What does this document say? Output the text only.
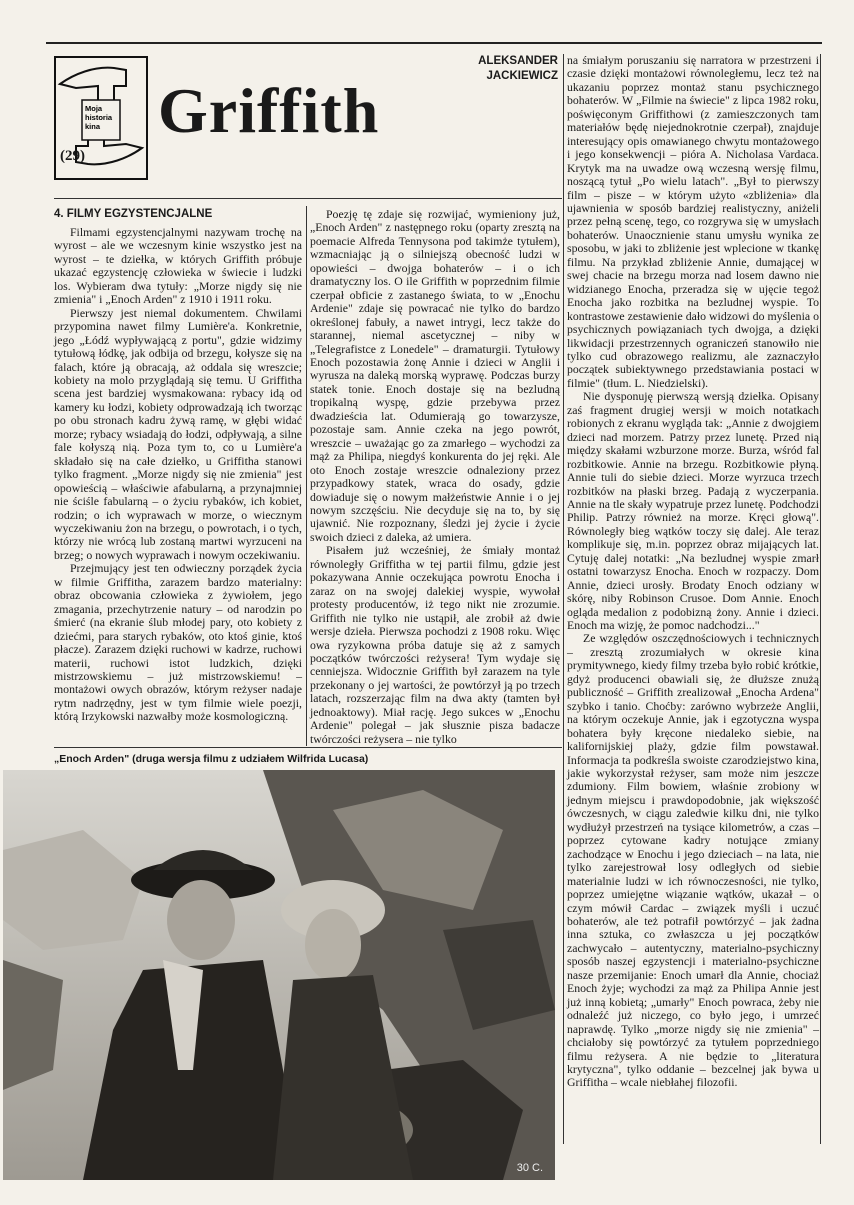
Moja
historia
kina
(29)
Griffith
ALEKSANDER
JACKIEWICZ
4. FILMY EGZYSTENCJALNE

Filmami egzystencjalnymi nazywam trochę na wyrost – ale we wczesnym kinie wszystko jest na wyrost – te dziełka, w których Griffith próbuje ukazać egzystencję człowieka w świecie i ludzki los. Wybieram dwa tytuły: „Morze nigdy się nie zmienia" i „Enoch Arden" z 1910 i 1911 roku.

Pierwszy jest niemal dokumentem. Chwilami przypomina nawet filmy Lumière'a. Konkretnie, jego „Łódź wypływającą z portu", gdzie widzimy tytułową łódkę, jak odbija od brzegu, kołysze się na falach, które ją obracają, aż oddala się wreszcie; kobiety na molo przyglądają się temu. U Griffitha scena jest bardziej wysmakowana: rybacy idą od kamery ku łodzi, kobiety odprowadzają ich tworząc po obu stronach kadru żywą ramę, w głębi widać morze; rybacy wsiadają do łodzi, odpływają, a silne fale kołyszą nią. Poza tym to, co u Lumière'a składało się na całe dziełko, u Griffitha stanowi tylko fragment. „Morze nigdy się nie zmienia" jest opowieścią – właściwie afabularną, a przynajmniej nie ściśle fabularną – o życiu rybaków, ich kobiet, rodzin; o ich wyprawach w morze, o wiecznym wyczekiwaniu żon na brzegu, o powrotach, i o tych, którzy nie wrócą lub zostaną martwi wyrzuceni na brzeg; o nowych wyprawach i nowym oczekiwaniu.

Przejmujący jest ten odwieczny porządek życia w filmie Griffitha, zarazem bardzo materialny: obraz obcowania człowieka z żywiołem, jego zmagania, przechytrzenie natury – od narodzin po śmierć (na ekranie ślub młodej pary, oto kobiety z dziećmi, para starych rybaków, oto ktoś ginie, ktoś płacze). Zarazem dzięki ruchowi w kadrze, ruchowi materii, ruchowi istot ludzkich, dzięki mistrzowskiemu – już mistrzowskiemu! – montażowi owych obrazów, którym reżyser nadaje rytm nadrzędny, jest w tym filmie wiele poezji, którą Irzykowski nazwałby może kosmologiczną.

Poezję tę zdaje się rozwijać, wymieniony już, „Enoch Arden" z następnego roku (oparty zresztą na poemacie Alfreda Tennysona pod takimże tytułem), wzmacniając ją o silniejszą obecność ludzi w opowieści – dwojga bohaterów – i o ich dramatyczny los. O ile Griffith w poprzednim filmie czerpał obficie z zastanego świata, to w „Enochu Ardenie" zdaje się powracać nie tylko do bardzo określonej fabuły, a nawet intrygi, lecz także do starannej, niemal ascetycznej – niby w „Telegrafistce z Lonedele" – dramaturgii. Tytułowy Enoch pozostawia żonę Annie i dzieci w Anglii i wyrusza na daleką morską wyprawę. Podczas burzy statek tonie. Enoch dostaje się na bezludną tropikalną wyspę, gdzie przebywa przez dwadzieścia lat. Odumierają go towarzysze, pozostaje sam. Annie czeka na jego powrót, wreszcie – uważając go za zmarłego – wychodzi za mąż za Philipa, niegdyś konkurenta do jej ręki. Ale oto Enoch zostaje wreszcie odnaleziony przez przypadkowy statek, wraca do osady, gdzie dowiaduje się o nowym małżeństwie Annie i o jej nowym szczęściu. Nie decyduje się na to, by się ujawnić. Nie rozpoznany, śledzi jej życie i życie swoich dzieci z daleka, aż umiera.

Pisałem już wcześniej, że śmiały montaż równoległy Griffitha w tej partii filmu, gdzie jest pokazywana Annie oczekująca powrotu Enocha i zaraz on na swojej dalekiej wyspie, wywołał protesty producentów, iż tego nikt nie zrozumie. Griffith nie tylko nie ustąpił, ale zrobił aż dwie wersje dzieła. Pierwsza pochodzi z 1908 roku. Więc owa ryzykowna próba datuje się aż z samych początków twórczości reżysera! Tym wydaje się cenniejsza. Widocznie Griffith był zarazem na tyle przekonany o jej wartości, że powtórzył ją po trzech latach, rozszerzając film na dwa akty (tamten był jednoaktowy). Miał rację. Jego sukces w „Enochu Ardenie" polegał – jak słusznie pisza badacze twórczości reżysera – nie tylko

na śmiałym poruszaniu się narratora w przestrzeni i czasie dzięki montażowi równoległemu, lecz też na ukazaniu poprzez montaż stanu psychicznego bohaterów. W „Filmie na świecie" z lipca 1982 roku, poświęconym Griffithowi (z zamieszczonych tam materiałów będę niejednokrotnie czerpał), znajduje interesujący opis omawianego chwytu montażowego i jego konsekwencji – pióra A. Nicholasa Vardaca. Krytyk ma na uwadze ową wczesną wersję filmu, noszącą tytuł „Po wielu latach". „Był to pierwszy film – pisze – w którym użyto «zbliżenia» dla ujawnienia w sposób bardziej realistyczny, aniżeli przez pełną scenę, tego, co rozgrywa się w umysłach bohaterów. Unaocznienie stanu umysłu wynika ze sposobu, w jaki to zbliżenie jest wplecione w tkankę filmu. Na przykład zbliżenie Annie, dumającej w swej chacie na brzegu morza nad losem dawno nie widzianego Enocha, przeradza się w ujęcie tegoż Enocha jako rozbitka na bezludnej wyspie. To kontrastowe zestawienie dało widzowi do myślenia o psychicznych powiązaniach tych dwojga, a dzięki likwidacji przestrzennych ograniczeń stanowiło nie tylko cud obrazowego realizmu, ale zaznaczyło początek subiektywnego przedstawiania postaci w filmie" (tłum. L. Niedzielski).

Nie dysponuję pierwszą wersją dziełka. Opisany zaś fragment drugiej wersji w moich notatkach robionych z ekranu wygląda tak: „Annie z dwojgiem dzieci nad morzem. Patrzy przez lunetę. Przed nią między skałami wzburzone morze. Burza, wśród fal rozbitkowie. Annie na brzegu. Rozbitkowie płyną. Annie tuli do siebie dzieci. Morze wyrzuca trzech rozbitków na płaski brzeg. Padają z wyczerpania. Annie na tle skały wypatruje przez lunetę. Podchodzi Philip. Patrzy również na morze. Kręci głową". Równoległy bieg wątków toczy się dalej. Ale teraz komplikuje się, m.in. poprzez obraz mijających lat. Cytuję dalej notatki: „Na bezludnej wyspie zmarł ostatni towarzysz Enocha. Enoch w rozpaczy. Dom Annie, dzieci urosły. Brodaty Enoch odziany w skórę, niby Robinson Crusoe. Dom Annie. Enoch ogląda medalion z podobizną żony. Annie i dzieci. Enoch ma wizję, że pomoc nadchodzi..."

Ze względów oszczędnościowych i technicznych – zresztą zrozumiałych w okresie kina prymitywnego, kiedy filmy trzeba było robić krótkie, gdyż producenci obawiali się, że dłuższe znużą publiczność – Griffith zrealizował „Enocha Ardena" szybko i tanio. Choćby: zarówno wybrzeże Anglii, na którym oczekuje Annie, jak i egzotyczna wyspa bohatera były kręcone niedaleko siebie, na kalifornijskiej plaży, gdzie film powstawał. Informacja ta podkreśla swoiste czarodziejstwo kina, jakie wykorzystał reżyser, sam może nim jeszcze zdumiony. Film bowiem, właśnie zrobiony w jednym miejscu i prawdopodobnie, jak większość ówczesnych, w ciągu zaledwie kilku dni, nie tylko wydłużył przestrzeń na tysiące kilometrów, a czas – poprzez cytowane kadry notujące zmiany zachodzące w Enochu i jego dzieciach – na lata, nie tylko zarejestrował losy odległych od siebie materialnie ludzi w ich równoczesności, nie tylko, poprzez umiejętne wiązanie wątków, ukazał – o czym mówił Cardac – związek myśli i uczuć bohaterów, ale też potrafił powtórzyć – jak żadna inna sztuka, co zwłaszcza u jej początków zachwycało – autentyczny, materialno-psychiczny sposób naszej egzystencji i materialno-psychiczne nasze przemijanie: Enoch umarł dla Annie, chociaż Enoch żyje; wychodzi za mąż za Philipa Annie jest już inną kobietą; „umarły" Enoch powraca, żeby nie odnaleźć już niczego, co było jego, i umrzeć naprawdę. Tylko „morze nigdy się nie zmienia" – chciałoby się powtórzyć za tytułem poprzedniego filmu reżysera. A nie będzie to „literatura krytyczna", tylko oddanie – bezcelnej jak bywa u Griffitha – wcale niebłahej filozofii.

„Enoch Arden" (druga wersja filmu z udziałem Wilfrida Lucasa)
30 C.
